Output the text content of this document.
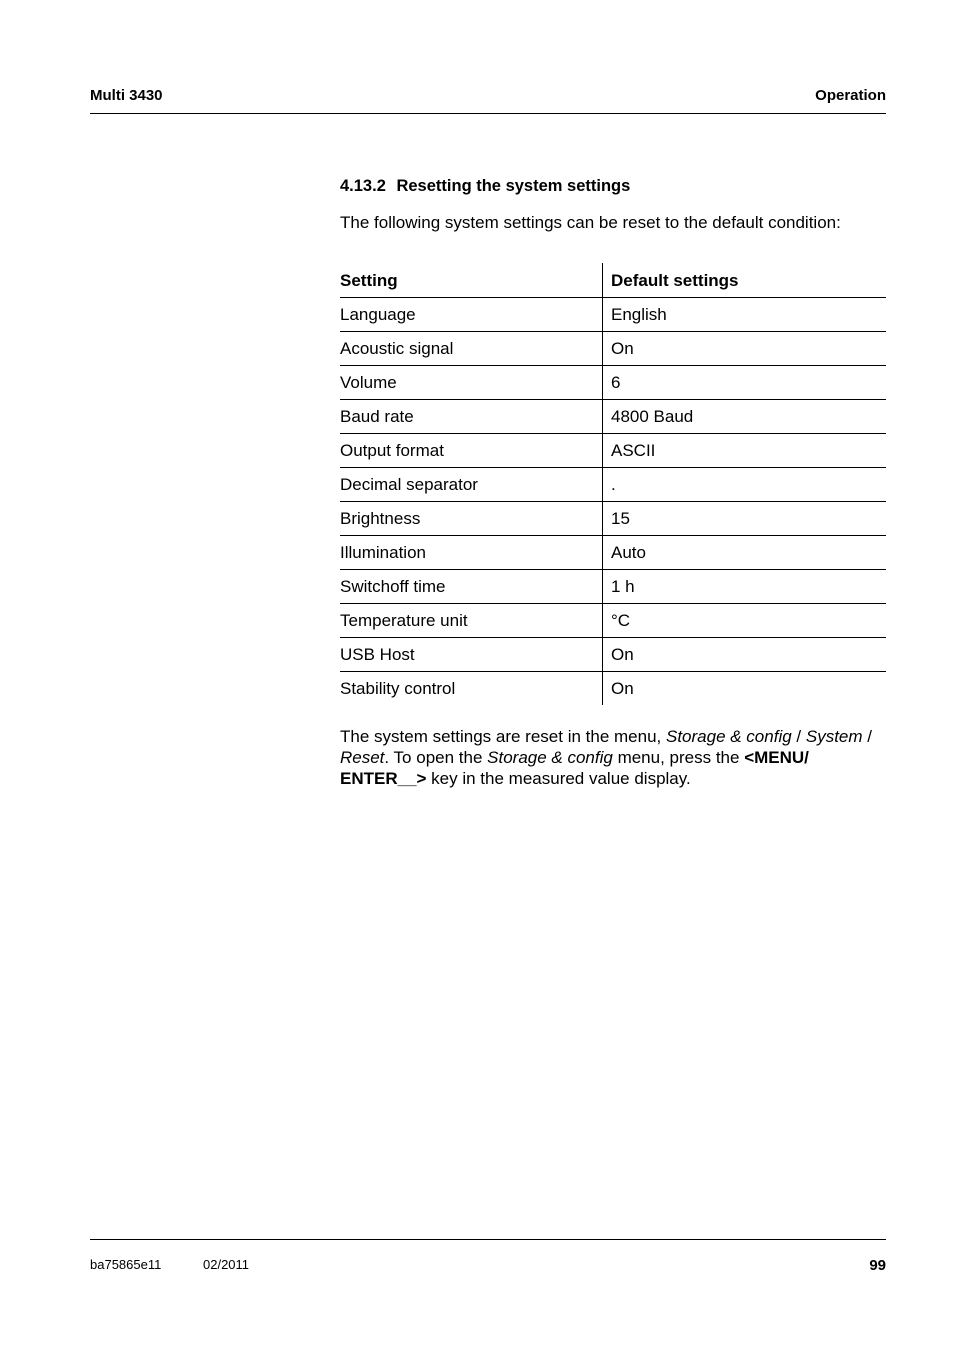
Multi 3430	Operation
4.13.2 Resetting the system settings
The following system settings can be reset to the default condition:
Setting	Default settings
Language	English
Acoustic signal	On
Volume	6
Baud rate	4800 Baud
Output format	ASCII
Decimal separator	.
Brightness	15
Illumination	Auto
Switchoff time	1 h
Temperature unit	°C
USB Host	On
Stability control	On
The system settings are reset in the menu, Storage & config / System / Reset. To open the Storage & config menu, press the <MENU/ ENTER__> key in the measured value display.
ba75865e11	02/2011	99
